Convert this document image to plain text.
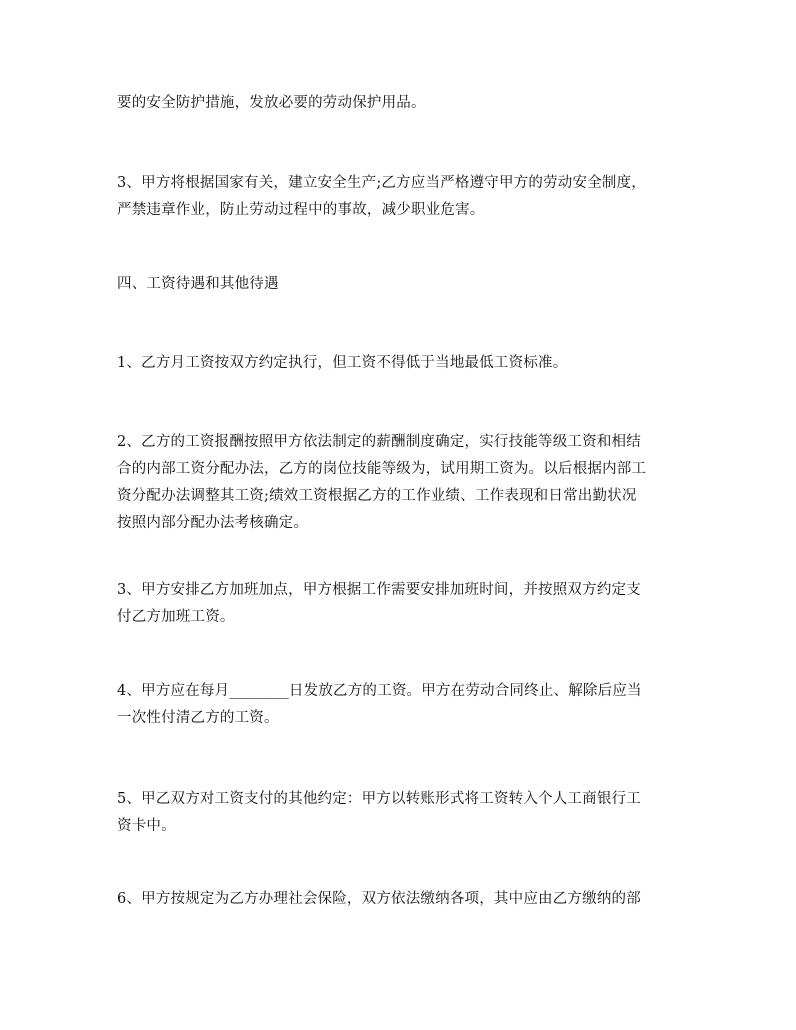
要的安全防护措施，发放必要的劳动保护用品。

3、甲方将根据国家有关，建立安全生产;乙方应当严格遵守甲方的劳动安全制度，
严禁违章作业，防止劳动过程中的事故，减少职业危害。

四、工资待遇和其他待遇

1、乙方月工资按双方约定执行，但工资不得低于当地最低工资标准。

2、乙方的工资报酬按照甲方依法制定的薪酬制度确定，实行技能等级工资和相结
合的内部工资分配办法，乙方的岗位技能等级为，试用期工资为。以后根据内部工
资分配办法调整其工资;绩效工资根据乙方的工作业绩、工作表现和日常出勤状况
按照内部分配办法考核确定。

3、甲方安排乙方加班加点，甲方根据工作需要安排加班时间，并按照双方约定支
付乙方加班工资。

4、甲方应在每月________日发放乙方的工资。甲方在劳动合同终止、解除后应当
一次性付清乙方的工资。

5、甲乙双方对工资支付的其他约定：甲方以转账形式将工资转入个人工商银行工
资卡中。

6、甲方按规定为乙方办理社会保险，双方依法缴纳各项，其中应由乙方缴纳的部
